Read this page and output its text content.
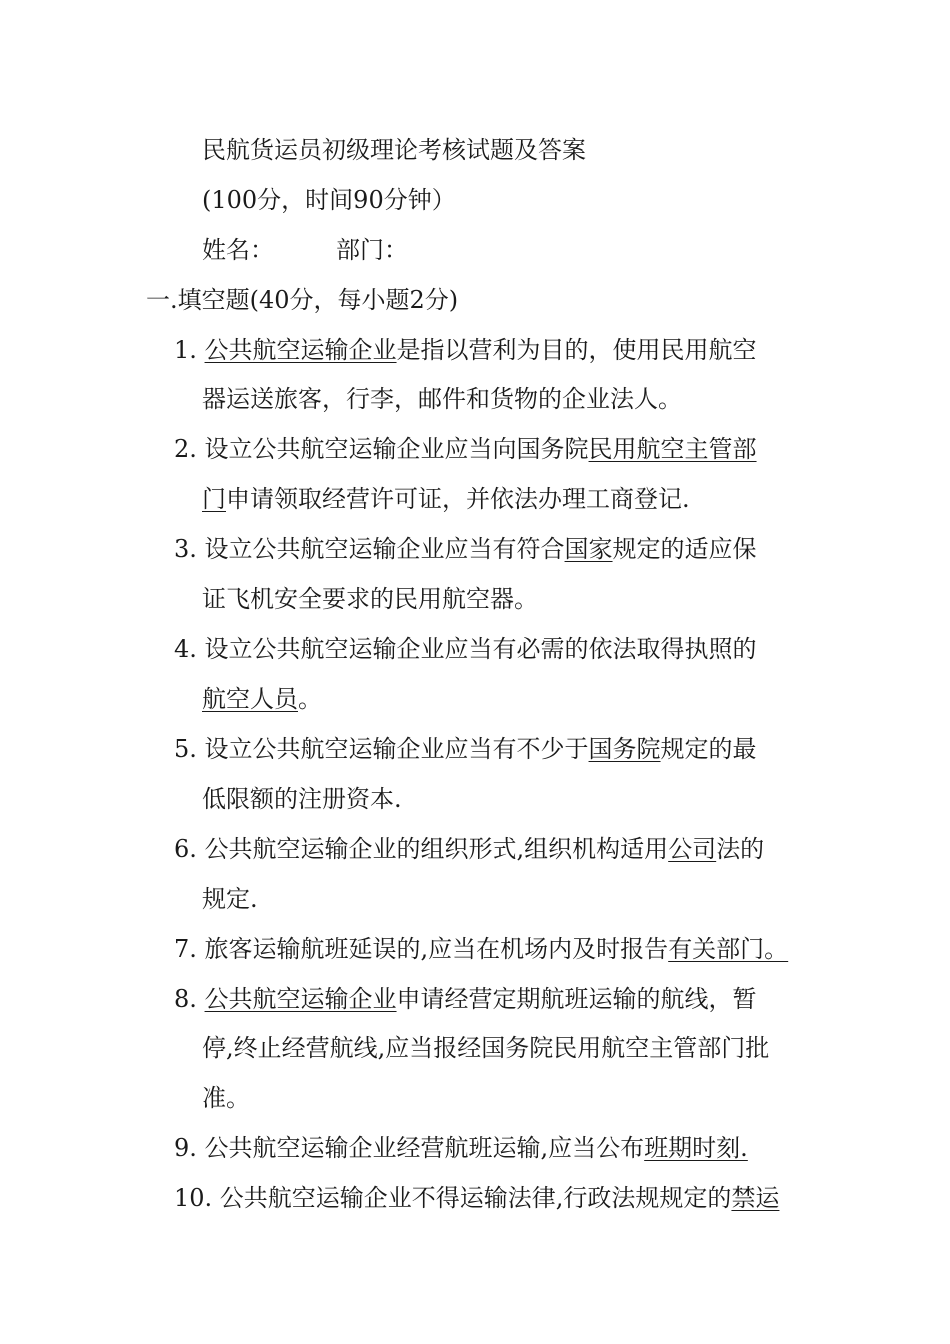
民航货运员初级理论考核试题及答案
(100分，时间90分钟）
姓名：	部门：
一.填空题(40分，每小题2分)
1. 公共航空运输企业是指以营利为目的，使用民用航空
器运送旅客，行李，邮件和货物的企业法人。
2. 设立公共航空运输企业应当向国务院民用航空主管部
门申请领取经营许可证，并依法办理工商登记.
3. 设立公共航空运输企业应当有符合国家规定的适应保
证飞机安全要求的民用航空器。
4. 设立公共航空运输企业应当有必需的依法取得执照的
航空人员。
5. 设立公共航空运输企业应当有不少于国务院规定的最
低限额的注册资本.
6. 公共航空运输企业的组织形式,组织机构适用公司法的
规定.
7. 旅客运输航班延误的,应当在机场内及时报告有关部门。
8. 公共航空运输企业申请经营定期航班运输的航线，暂
停,终止经营航线,应当报经国务院民用航空主管部门批
准。
9. 公共航空运输企业经营航班运输,应当公布班期时刻.
10. 公共航空运输企业不得运输法律,行政法规规定的禁运
